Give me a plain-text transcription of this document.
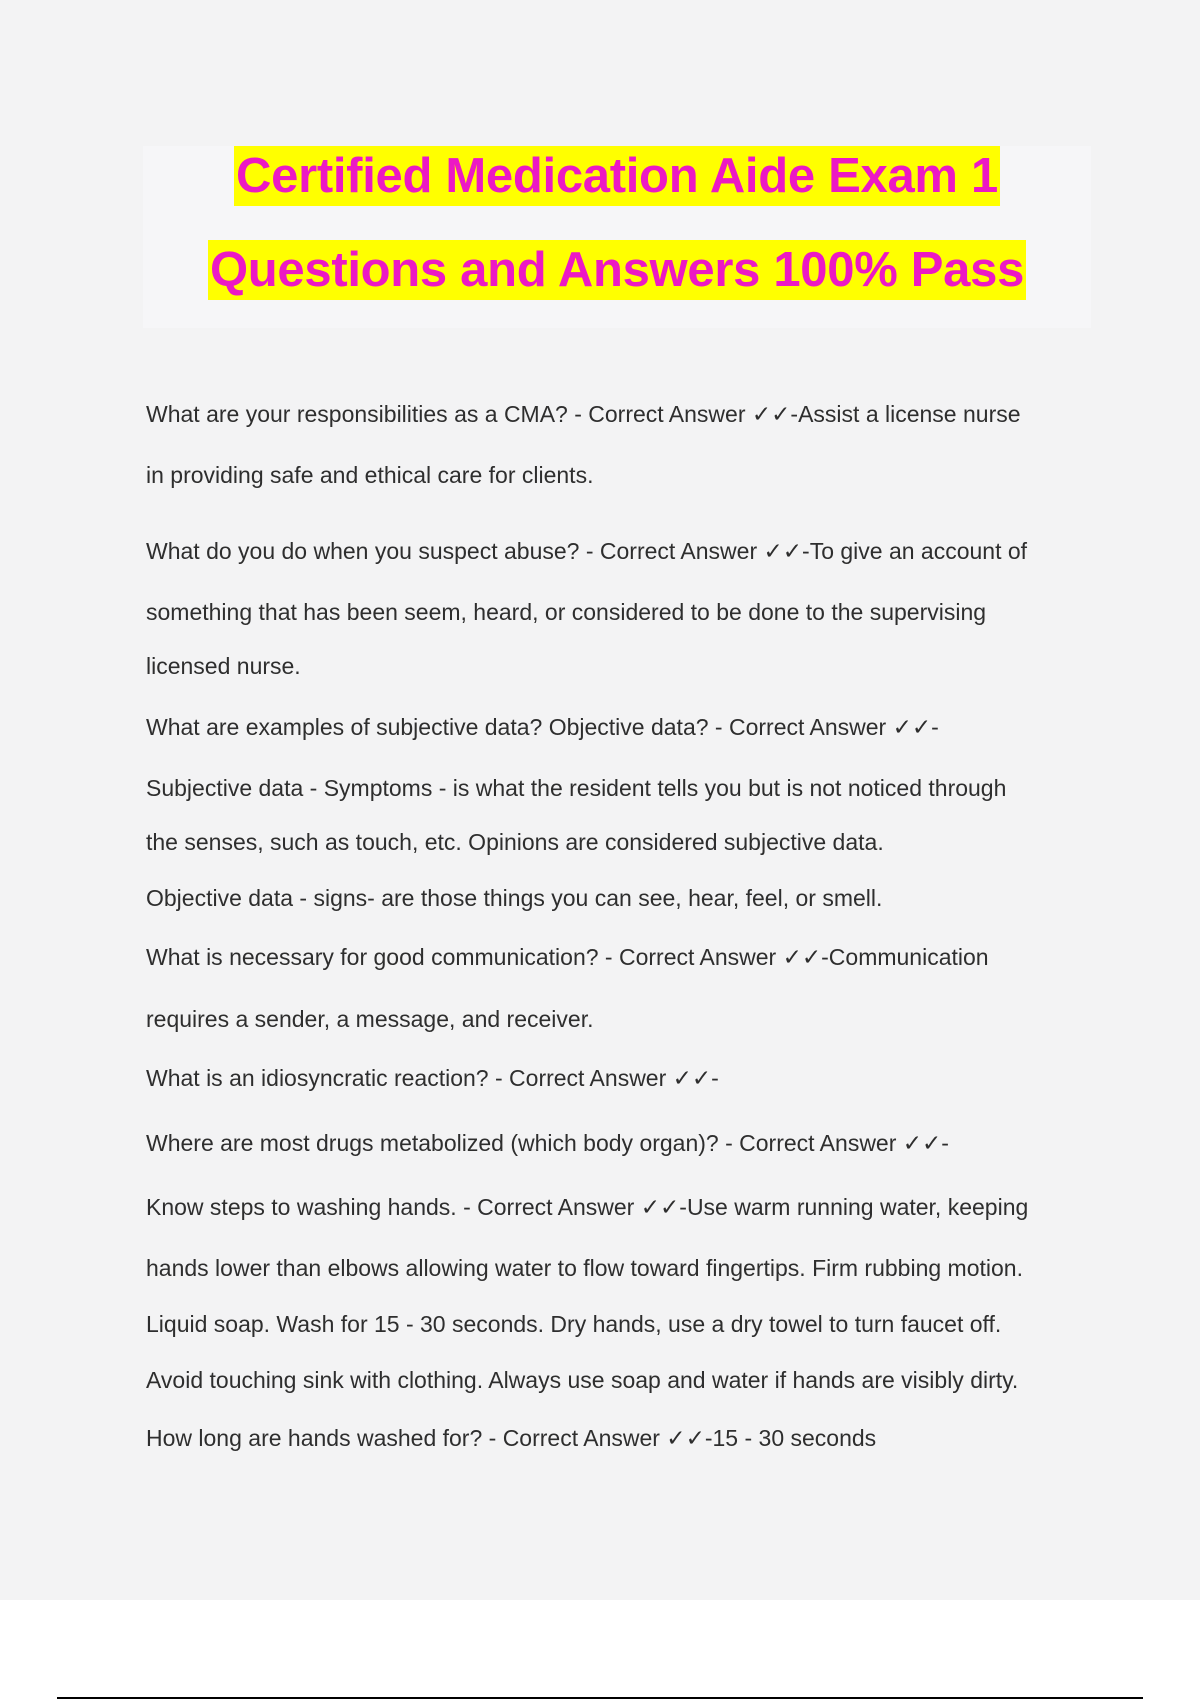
Certified Medication Aide Exam 1
Questions and Answers 100% Pass
What are your responsibilities as a CMA? - Correct Answer ✓✓-Assist a license nurse
in providing safe and ethical care for clients.
What do you do when you suspect abuse? - Correct Answer ✓✓-To give an account of
something that has been seem, heard, or considered to be done to the supervising
licensed nurse.
What are examples of subjective data? Objective data? - Correct Answer ✓✓-
Subjective data - Symptoms - is what the resident tells you but is not noticed through
the senses, such as touch, etc. Opinions are considered subjective data.
Objective data - signs- are those things you can see, hear, feel, or smell.
What is necessary for good communication? - Correct Answer ✓✓-Communication
requires a sender, a message, and receiver.
What is an idiosyncratic reaction? - Correct Answer ✓✓-
Where are most drugs metabolized (which body organ)? - Correct Answer ✓✓-
Know steps to washing hands. - Correct Answer ✓✓-Use warm running water, keeping
hands lower than elbows allowing water to flow toward fingertips. Firm rubbing motion.
Liquid soap. Wash for 15 - 30 seconds. Dry hands, use a dry towel to turn faucet off.
Avoid touching sink with clothing. Always use soap and water if hands are visibly dirty.
How long are hands washed for? - Correct Answer ✓✓-15 - 30 seconds
